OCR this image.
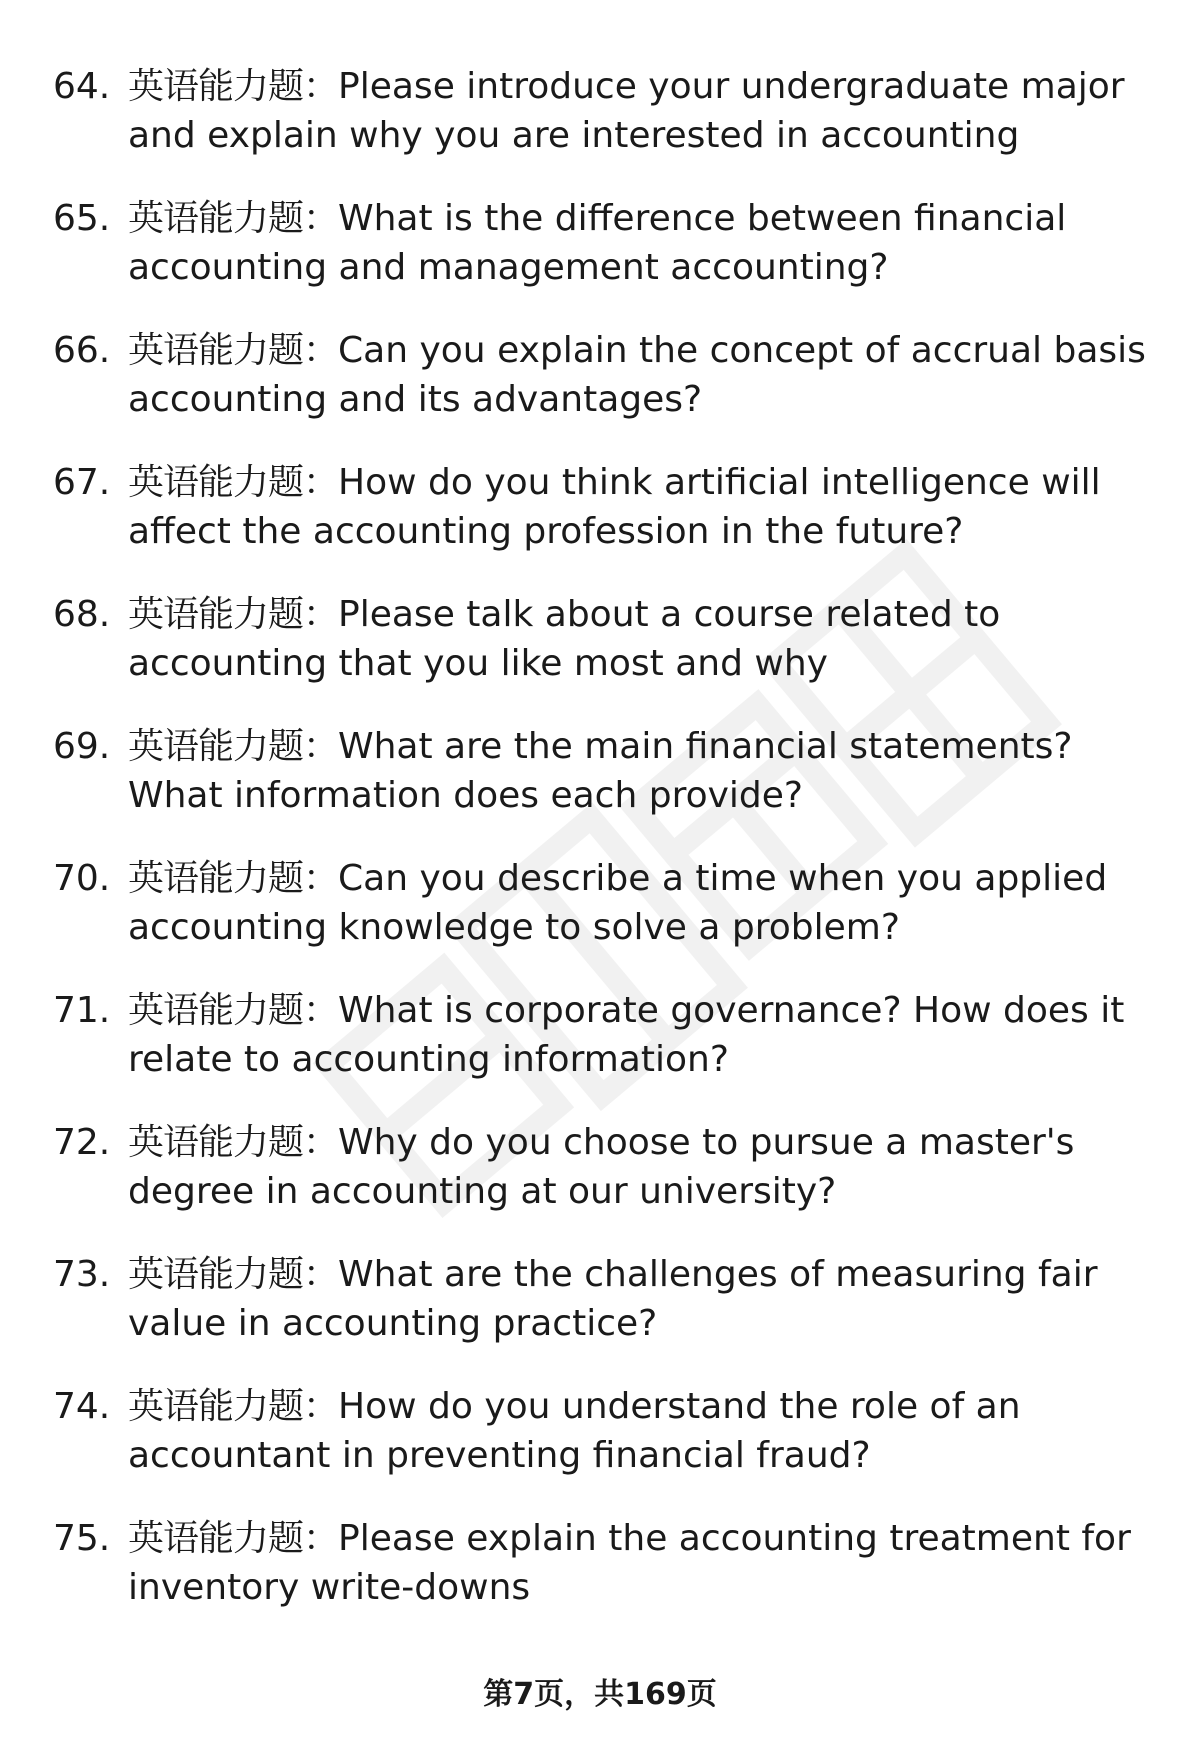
64. 英语能力题：Please introduce your undergraduate major and explain why you are interested in accounting

65. 英语能力题：What is the difference between financial accounting and management accounting?

66. 英语能力题：Can you explain the concept of accrual basis accounting and its advantages?

67. 英语能力题：How do you think artificial intelligence will affect the accounting profession in the future?

68. 英语能力题：Please talk about a course related to accounting that you like most and why

69. 英语能力题：What are the main financial statements? What information does each provide?

70. 英语能力题：Can you describe a time when you applied accounting knowledge to solve a problem?

71. 英语能力题：What is corporate governance? How does it relate to accounting information?

72. 英语能力题：Why do you choose to pursue a master's degree in accounting at our university?

73. 英语能力题：What are the challenges of measuring fair value in accounting practice?

74. 英语能力题：How do you understand the role of an accountant in preventing financial fraud?

75. 英语能力题：Please explain the accounting treatment for inventory write-downs

第7页，共169页
